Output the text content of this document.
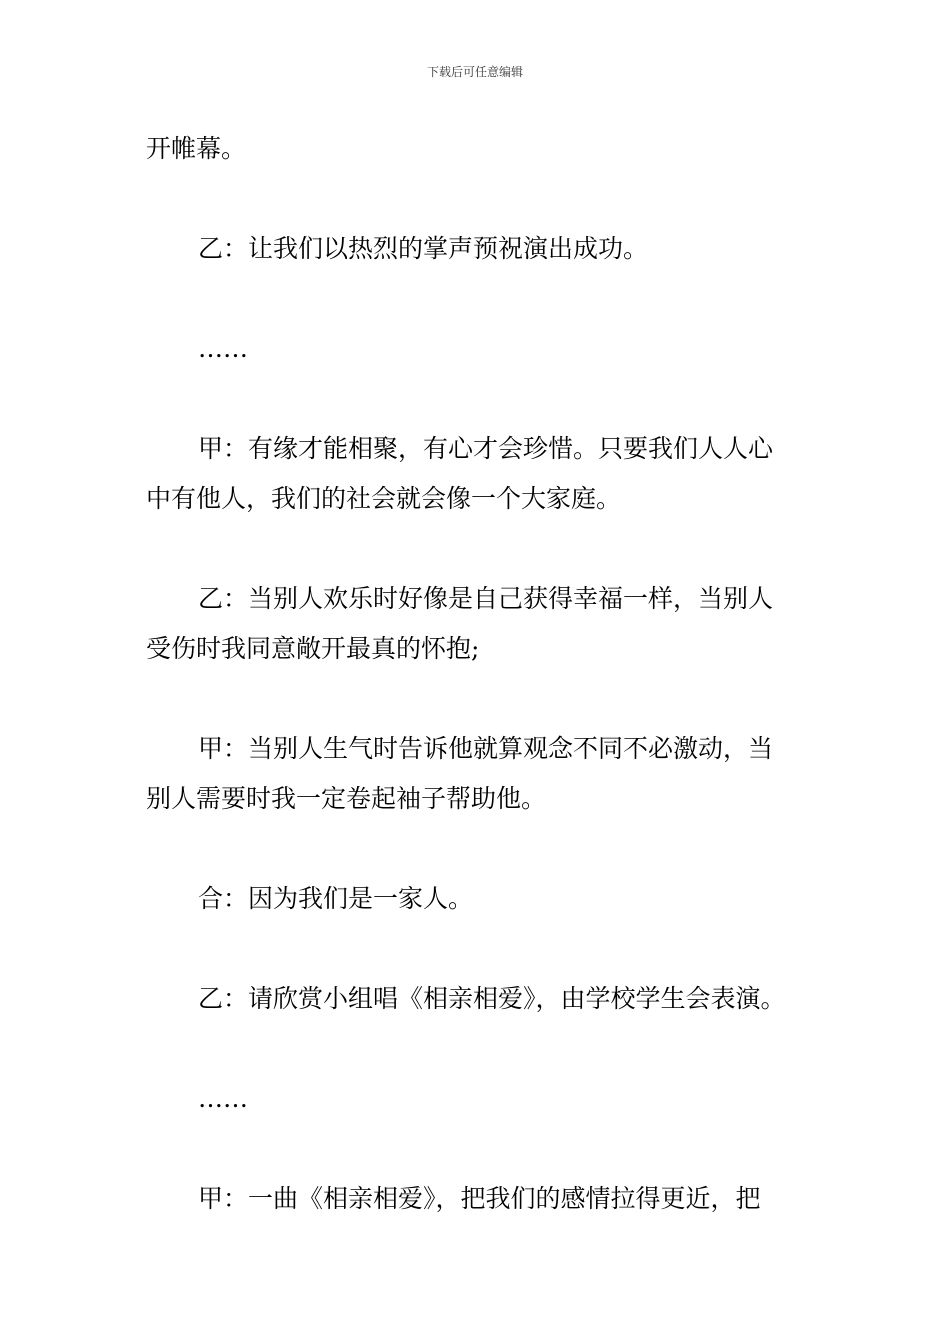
下载后可任意编辑

开帷幕。

乙：让我们以热烈的掌声预祝演出成功。

……

甲：有缘才能相聚，有心才会珍惜。只要我们人人心
中有他人，我们的社会就会像一个大家庭。

乙：当别人欢乐时好像是自己获得幸福一样，当别人
受伤时我同意敞开最真的怀抱;

甲：当别人生气时告诉他就算观念不同不必激动，当
别人需要时我一定卷起袖子帮助他。

合：因为我们是一家人。

乙：请欣赏小组唱《相亲相爱》，由学校学生会表演。

……

甲：一曲《相亲相爱》，把我们的感情拉得更近，把
